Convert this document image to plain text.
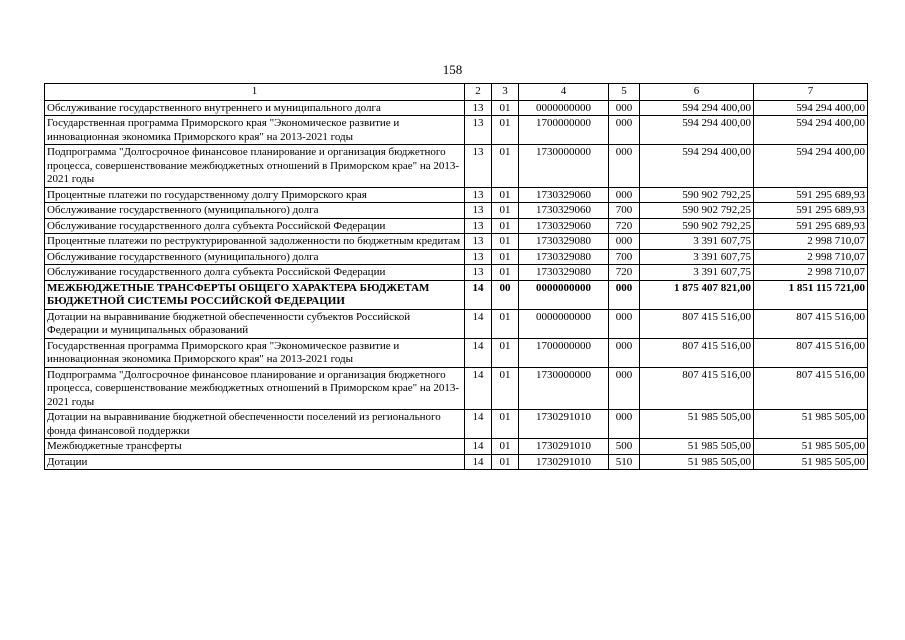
158
1	2	3	4	5	6	7
Обслуживание государственного внутреннего и муниципального долга	13	01	0000000000	000	594 294 400,00	594 294 400,00
Государственная программа Приморского края "Экономическое развитие и инновационная экономика Приморского края" на 2013-2021 годы	13	01	1700000000	000	594 294 400,00	594 294 400,00
Подпрограмма "Долгосрочное финансовое планирование и организация бюджетного процесса, совершенствование межбюджетных отношений в Приморском крае" на 2013-2021 годы	13	01	1730000000	000	594 294 400,00	594 294 400,00
Процентные платежи по государственному долгу Приморского края	13	01	1730329060	000	590 902 792,25	591 295 689,93
Обслуживание государственного (муниципального) долга	13	01	1730329060	700	590 902 792,25	591 295 689,93
Обслуживание государственного долга субъекта Российской Федерации	13	01	1730329060	720	590 902 792,25	591 295 689,93
Процентные платежи по реструктурированной задолженности по бюджетным кредитам	13	01	1730329080	000	3 391 607,75	2 998 710,07
Обслуживание государственного (муниципального) долга	13	01	1730329080	700	3 391 607,75	2 998 710,07
Обслуживание государственного долга субъекта Российской Федерации	13	01	1730329080	720	3 391 607,75	2 998 710,07
МЕЖБЮДЖЕТНЫЕ ТРАНСФЕРТЫ ОБЩЕГО ХАРАКТЕРА БЮДЖЕТАМ БЮДЖЕТНОЙ СИСТЕМЫ РОССИЙСКОЙ ФЕДЕРАЦИИ	14	00	0000000000	000	1 875 407 821,00	1 851 115 721,00
Дотации на выравнивание бюджетной обеспеченности субъектов Российской Федерации и муниципальных образований	14	01	0000000000	000	807 415 516,00	807 415 516,00
Государственная программа Приморского края "Экономическое развитие и инновационная экономика Приморского края" на 2013-2021 годы	14	01	1700000000	000	807 415 516,00	807 415 516,00
Подпрограмма "Долгосрочное финансовое планирование и организация бюджетного процесса, совершенствование межбюджетных отношений в Приморском крае" на 2013-2021 годы	14	01	1730000000	000	807 415 516,00	807 415 516,00
Дотации на выравнивание бюджетной обеспеченности поселений из регионального фонда финансовой поддержки	14	01	1730291010	000	51 985 505,00	51 985 505,00
Межбюджетные трансферты	14	01	1730291010	500	51 985 505,00	51 985 505,00
Дотации	14	01	1730291010	510	51 985 505,00	51 985 505,00
